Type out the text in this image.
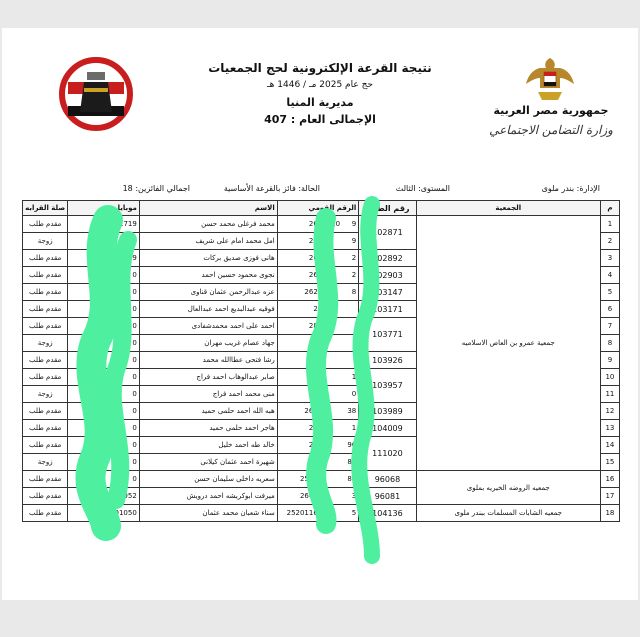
جمهورية مصر العربية
وزارة التضامن الاجتماعي
نتيجة القرعة الإلكترونية لحج الجمعيات
حج عام 2025 مـ / 1446 هـ
مديرية المنيا
الإجمالى العام : 407
الإدارة: بندر ملوى
المستوى: الثالث
الحالة: فائز بالقرعة الأساسية
اجمالي الفائزين: 18
م	الجمعية	رقم الطلب	الرقم القومي	الاسم	موبايل	صلة القرابه
1	جمعية عمرو بن العاص الاسلاميه	102871	2604010 9	محمد فرغلى محمد حسن	01719	مقدم طلب
2			26 9	امل محمد امام على شريف	0012	زوجة
3		102892	26 2	هانى فوزى صديق بركات	09	مقدم طلب
4		102903	26 2	نجوى محمود حسين احمد	0	مقدم طلب
5		103147	262 8	عزه عبدالرحمن عثمان قناوى	0	مقدم طلب
6		103171	26	فوقيه عبدالبديع احمد عبدالعال	0	مقدم طلب
7		103771	283	احمد على احمد محمدشفادى	0	مقدم طلب
8			291	جهاد عصام غريب مهران	0	زوجة
9		103926	26	رشا فتحى عطاالله محمد	0	مقدم طلب
10		103957	28 1	صابر عبدالوهاب احمد فراج	0	مقدم طلب
11			26 0	منى محمد احمد فراج	0	زوجة
12		103989	26 38	هبه الله احمد حلمى حميد	0	مقدم طلب
13		104009	28 1	هاجر احمد حلمى حميد	0	مقدم طلب
14		111020	247 96	خالد طه احمد خليل	0	مقدم طلب
15			2 88	شهيرة احمد عثمان كيلانى	0	زوجة
16	جمعيه الروضه الخيريه بملوى	96068	256 88	سعريه داخلى سليمان حسن	0	مقدم طلب
17		96081	2640 3	ميرفت ابوكريشه احمد درويش	052	مقدم طلب
18	جمعيه الشابات المسلمات ببندر ملوى	104136	2520116 5	سناء شعبان محمد عثمان	01050	مقدم طلب
